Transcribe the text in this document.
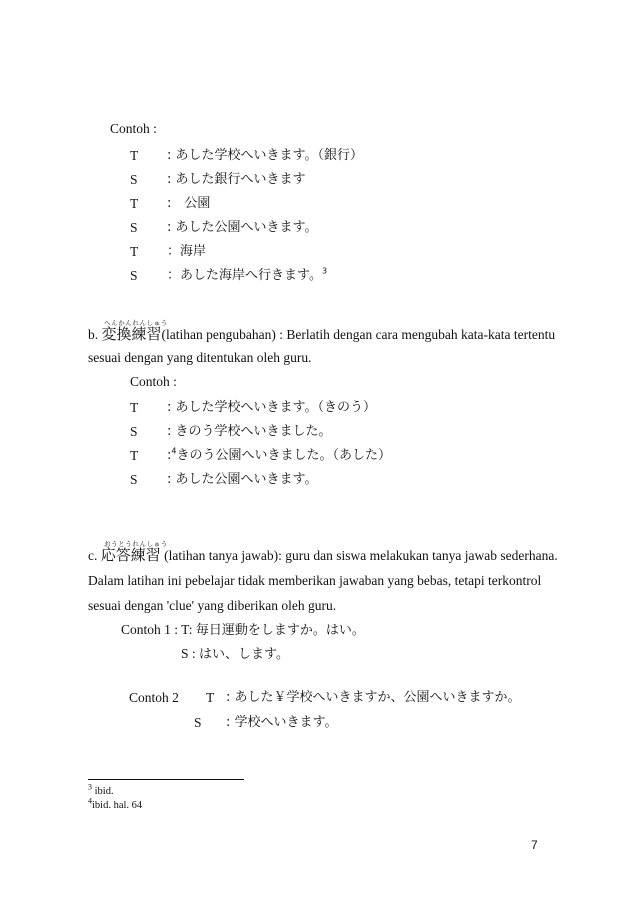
Contoh :
T : あした学校へいきます。（銀行）
S : あした銀行へいきます
T :　公園
S : あした公園へいきます。
T ：海岸
S ：あした海岸へ行きます。$^3$
へんかんれんしゅう
b. 変換練習(latihan pengubahan) : Berlatih dengan cara mengubah kata-kata tertentu
sesuai dengan yang ditentukan oleh guru.
Contoh :
T : あした学校へいきます。（きのう）
S : きのう学校へいきました。
T :$^4$きのう公園へいきました。（あした）
S : あした公園へいきます。
おうとうれんしゅう
c. 応答練習 (latihan tanya jawab): guru dan siswa melakukan tanya jawab sederhana.
Dalam latihan ini pebelajar tidak memberikan jawaban yang bebas, tetapi terkontrol
sesuai dengan 'clue' yang diberikan oleh guru.
Contoh 1 : T: 毎日運動をしますか。はい。
S : はい、します。
Contoh 2 T : あした￥学校へいきますか、公園へいきますか。
S : 学校へいきます。
$^3$ ibid.
$^4$ibid. hal. 64
7
